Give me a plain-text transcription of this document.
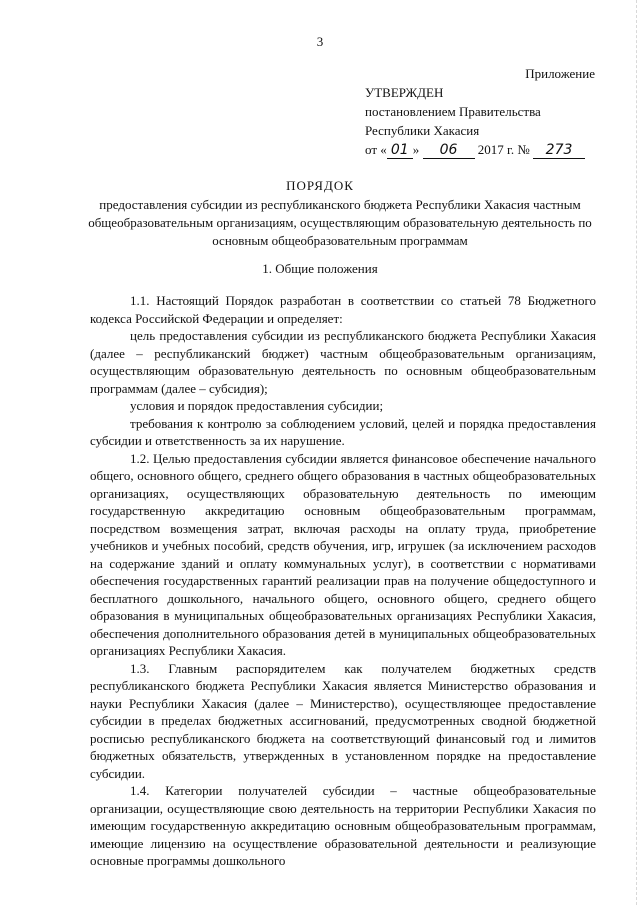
3
Приложение
УТВЕРЖДЕН
постановлением Правительства
Республики Хакасия
от « 01 » 06 2017 г. № 273
ПОРЯДОК
предоставления субсидии из республиканского бюджета Республики Хакасия частным общеобразовательным организациям, осуществляющим образовательную деятельность по основным общеобразовательным программам
1. Общие положения

1.1. Настоящий Порядок разработан в соответствии со статьей 78 Бюджетного кодекса Российской Федерации и определяет:

цель предоставления субсидии из республиканского бюджета Республики Хакасия (далее – республиканский бюджет) частным общеобразовательным организациям, осуществляющим образовательную деятельность по основным общеобразовательным программам (далее – субсидия);

условия и порядок предоставления субсидии;

требования к контролю за соблюдением условий, целей и порядка предоставления субсидии и ответственность за их нарушение.

1.2. Целью предоставления субсидии является финансовое обеспечение начального общего, основного общего, среднего общего образования в частных общеобразовательных организациях, осуществляющих образовательную деятельность по имеющим государственную аккредитацию основным общеобразовательным программам, посредством возмещения затрат, включая расходы на оплату труда, приобретение учебников и учебных пособий, средств обучения, игр, игрушек (за исключением расходов на содержание зданий и оплату коммунальных услуг), в соответствии с нормативами обеспечения государственных гарантий реализации прав на получение общедоступного и бесплатного дошкольного, начального общего, основного общего, среднего общего образования в муниципальных общеобразовательных организациях Республики Хакасия, обеспечения дополнительного образования детей в муниципальных общеобразовательных организациях Республики Хакасия.

1.3. Главным распорядителем как получателем бюджетных средств республиканского бюджета Республики Хакасия является Министерство образования и науки Республики Хакасия (далее – Министерство), осуществляющее предоставление субсидии в пределах бюджетных ассигнований, предусмотренных сводной бюджетной росписью республиканского бюджета на соответствующий финансовый год и лимитов бюджетных обязательств, утвержденных в установленном порядке на предоставление субсидии.

1.4. Категории получателей субсидии – частные общеобразовательные организации, осуществляющие свою деятельность на территории Республики Хакасия по имеющим государственную аккредитацию основным общеобразовательным программам, имеющие лицензию на осуществление образовательной деятельности и реализующие основные программы дошкольного
